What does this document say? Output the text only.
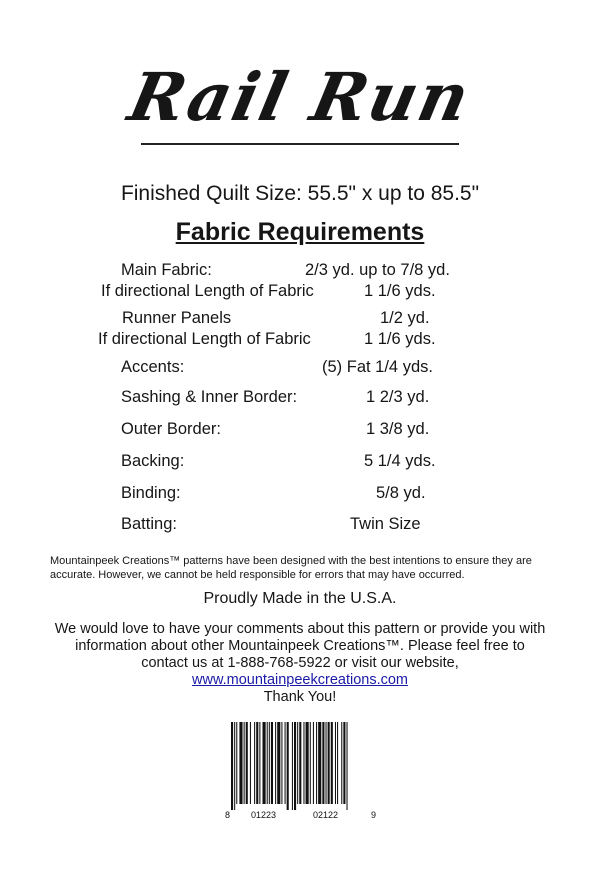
Rail Run
Finished Quilt Size: 55.5" x up to 85.5"
Fabric Requirements
Main Fabric:	2/3 yd. up to 7/8 yd.
If directional Length of Fabric	1 1/6 yds.
Runner Panels	1/2 yd.
If directional Length of Fabric	1 1/6 yds.
Accents:	(5) Fat 1/4 yds.
Sashing & Inner Border:	1 2/3 yd.
Outer Border:	1 3/8 yd.
Backing:	5 1/4 yds.
Binding:	5/8 yd.
Batting:	Twin Size
Mountainpeek Creations™ patterns have been designed with the best intentions to ensure they are accurate. However, we cannot be held responsible for errors that may have occurred.
Proudly Made in the U.S.A.
We would love to have your comments about this pattern or provide you with
information about other Mountainpeek Creations™. Please feel free to
contact us at 1-888-768-5922 or visit our website,
www.mountainpeekcreations.com
Thank You!
8 01223	02122	9
